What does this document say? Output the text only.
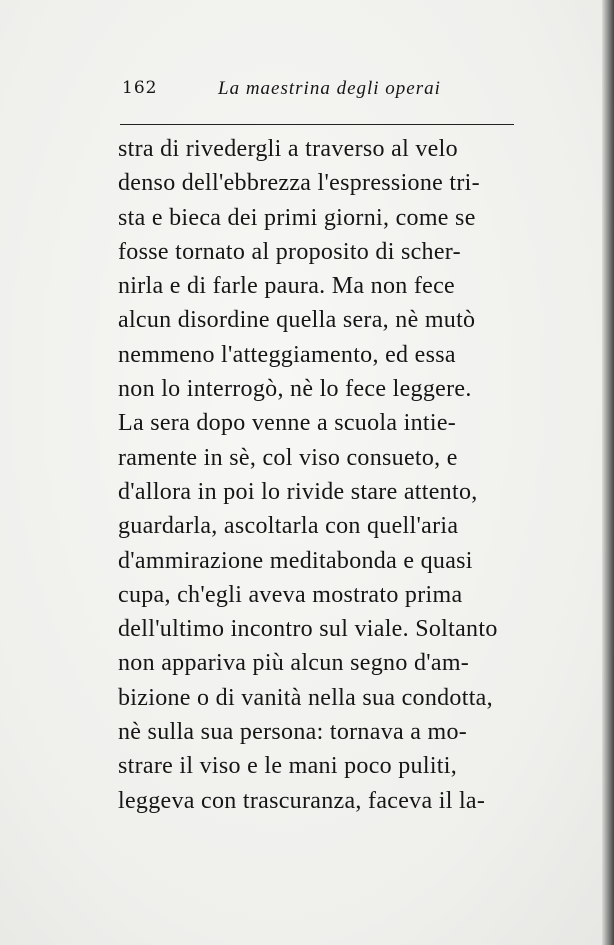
162	La maestrina degli operai
stra di rivedergli a traverso al velo
denso dell'ebbrezza l'espressione tri-
sta e bieca dei primi giorni, come se
fosse tornato al proposito di scher-
nirla e di farle paura. Ma non fece
alcun disordine quella sera, nè mutò
nemmeno l'atteggiamento, ed essa
non lo interrogò, nè lo fece leggere.
La sera dopo venne a scuola intie-
ramente in sè, col viso consueto, e
d'allora in poi lo rivide stare attento,
guardarla, ascoltarla con quell'aria
d'ammirazione meditabonda e quasi
cupa, ch'egli aveva mostrato prima
dell'ultimo incontro sul viale. Soltanto
non appariva più alcun segno d'am-
bizione o di vanità nella sua condotta,
nè sulla sua persona: tornava a mo-
strare il viso e le mani poco puliti,
leggeva con trascuranza, faceva il la-
